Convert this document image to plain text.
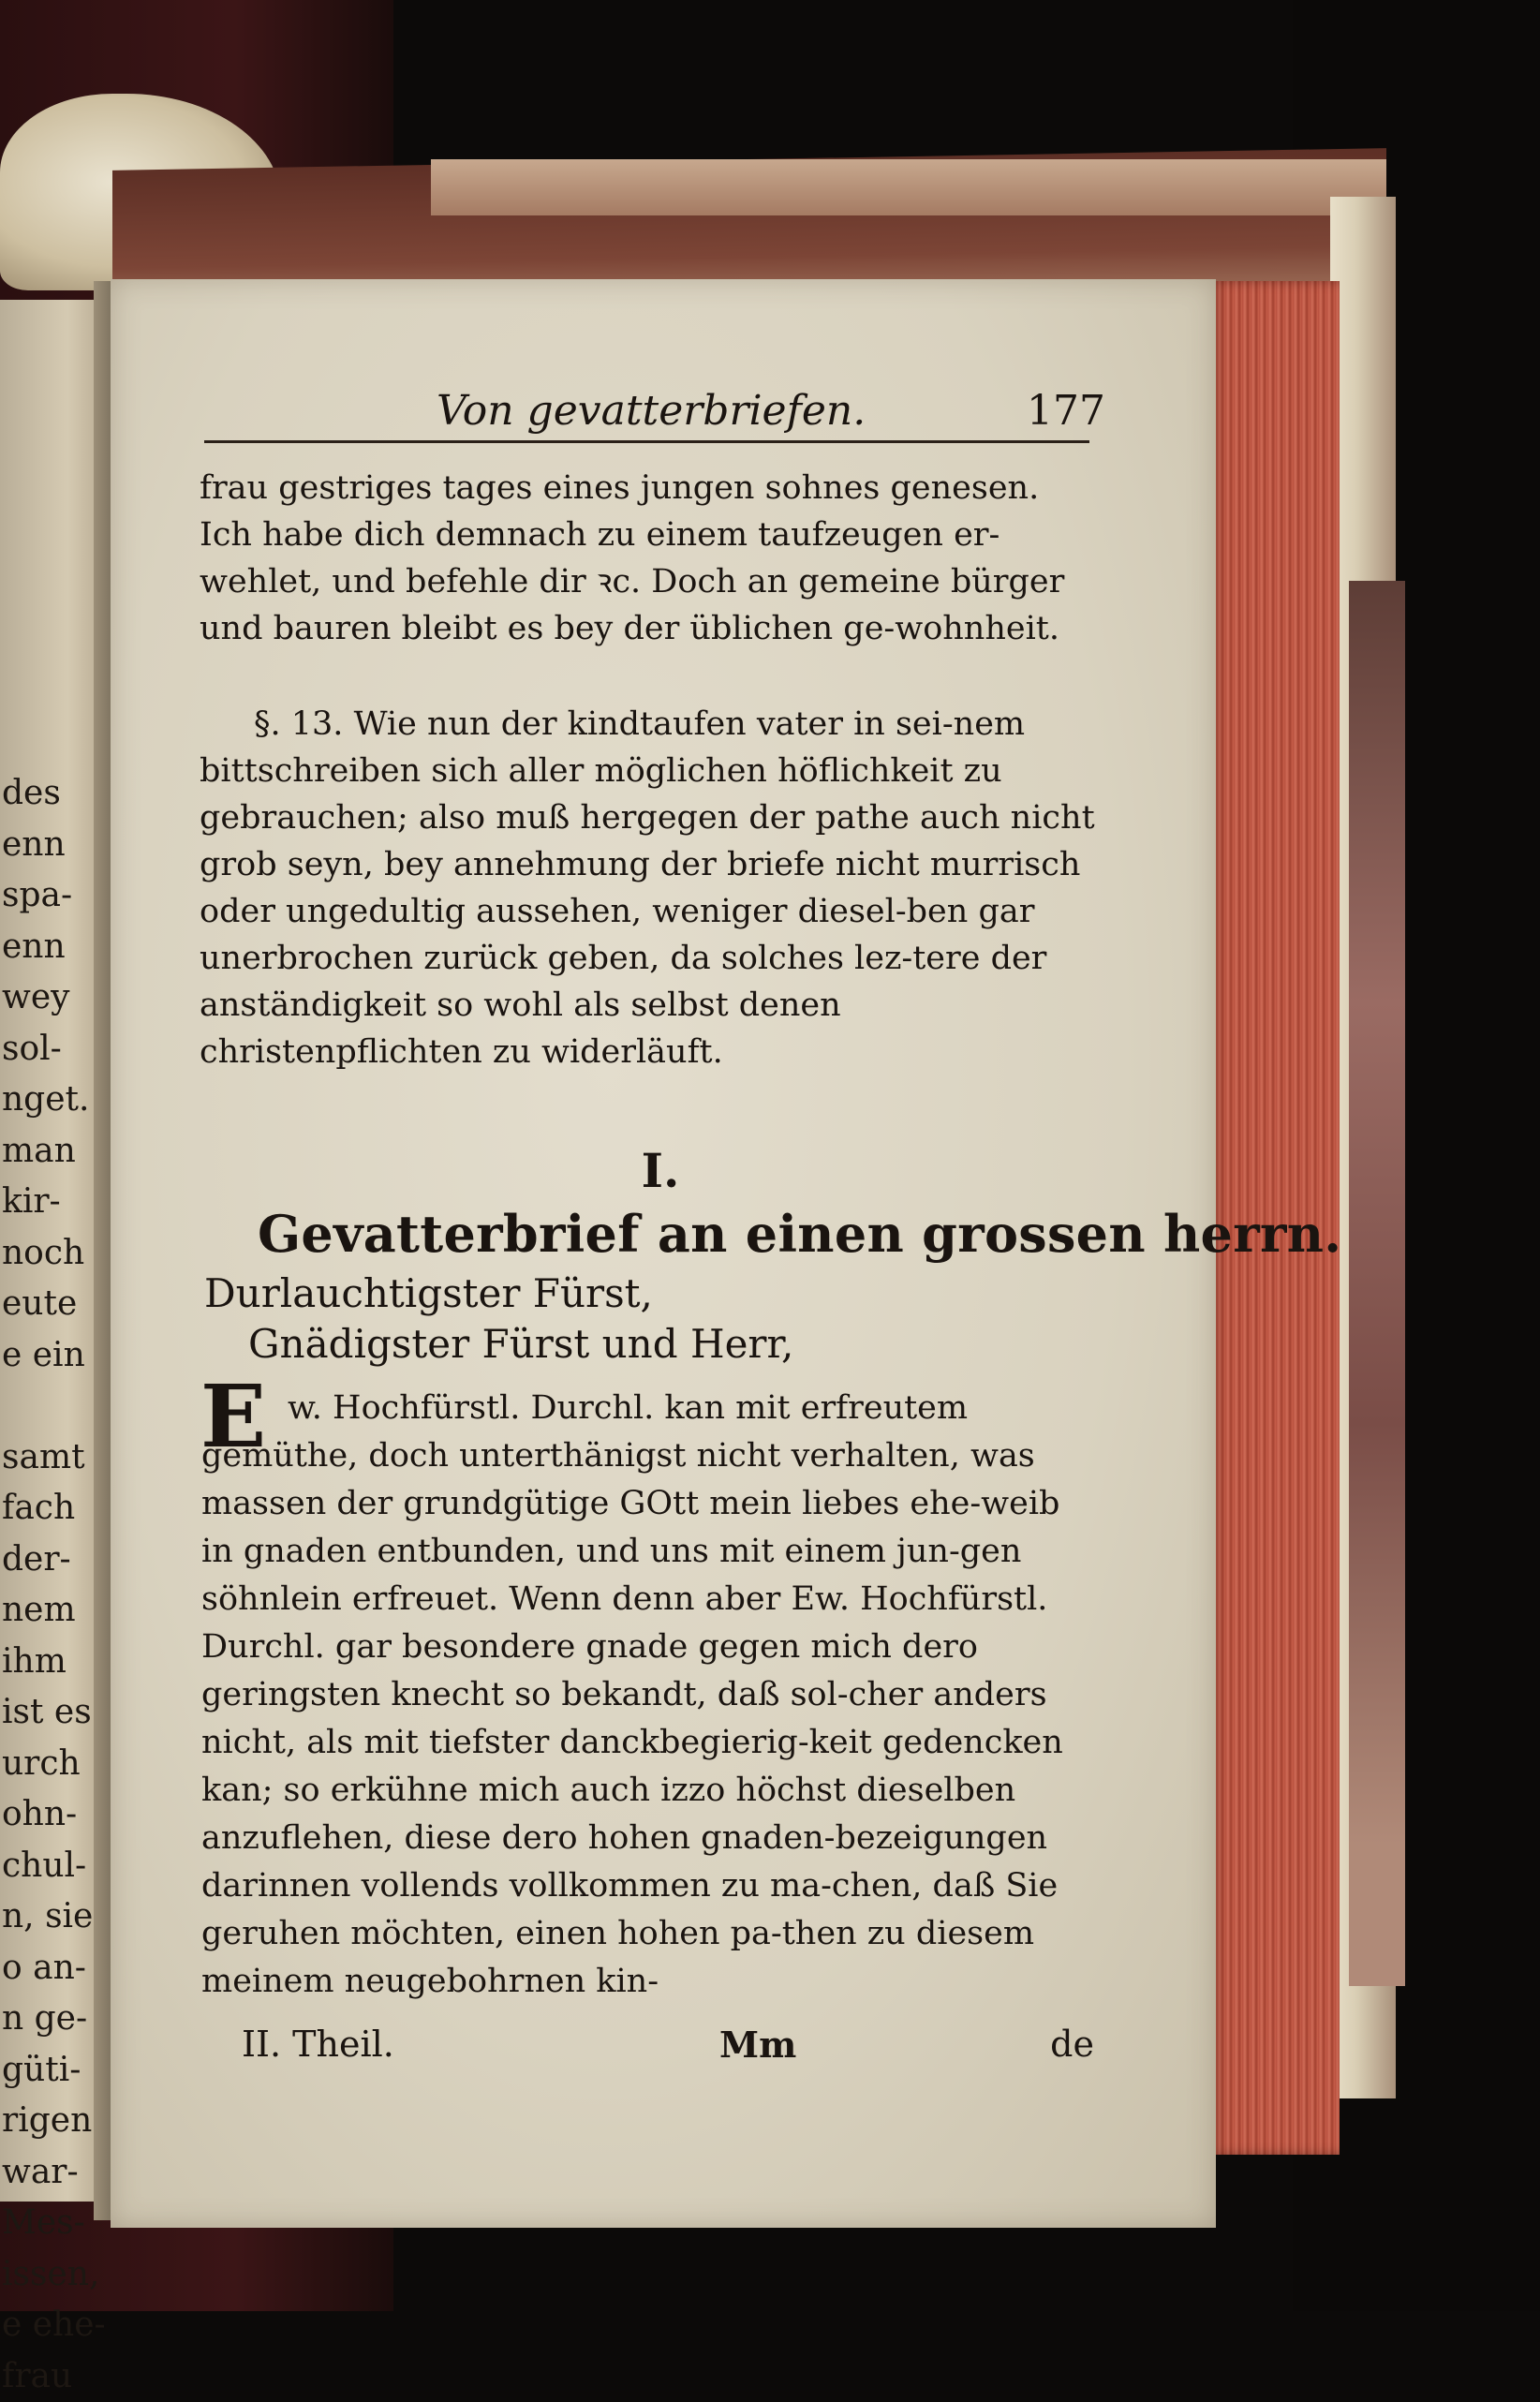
des
enn
spa-
enn
wey
sol-
nget.
man
kir-
noch
eute
e ein

samt
fach
der-
nem
ihm
ist es
urch
ohn-
chul-
n, sie
o an-
n ge-
güti-
rigen
war-
Mes-
issen,
e ehe-
frau
Von gevatterbriefen.	177

frau gestriges tages eines jungen sohnes genesen. Ich habe dich demnach zu einem taufzeugen er-wehlet, und befehle dir ꝛc. Doch an gemeine bürger und bauren bleibt es bey der üblichen ge-wohnheit.

§. 13. Wie nun der kindtaufen vater in sei-nem bittschreiben sich aller möglichen höflichkeit zu gebrauchen; also muß hergegen der pathe auch nicht grob seyn, bey annehmung der briefe nicht murrisch oder ungedultig aussehen, weniger diesel-ben gar unerbrochen zurück geben, da solches lez-tere der anständigkeit so wohl als selbst denen christenpflichten zu widerläuft.

I.
Gevatterbrief an einen grossen herrn.
Durlauchtigster Fürst,
Gnädigster Fürst und Herr,
E w. Hochfürstl. Durchl. kan mit erfreutem gemüthe, doch unterthänigst nicht verhalten, was massen der grundgütige GOtt mein liebes ehe-weib in gnaden entbunden, und uns mit einem jun-gen söhnlein erfreuet. Wenn denn aber Ew. Hochfürstl. Durchl. gar besondere gnade gegen mich dero geringsten knecht so bekandt, daß sol-cher anders nicht, als mit tiefster danckbegierig-keit gedencken kan; so erkühne mich auch izzo höchst dieselben anzuflehen, diese dero hohen gnaden-bezeigungen darinnen vollends vollkommen zu ma-chen, daß Sie geruhen möchten, einen hohen pa-then zu diesem meinem neugebohrnen kin-

II. Theil.	Mm	de
